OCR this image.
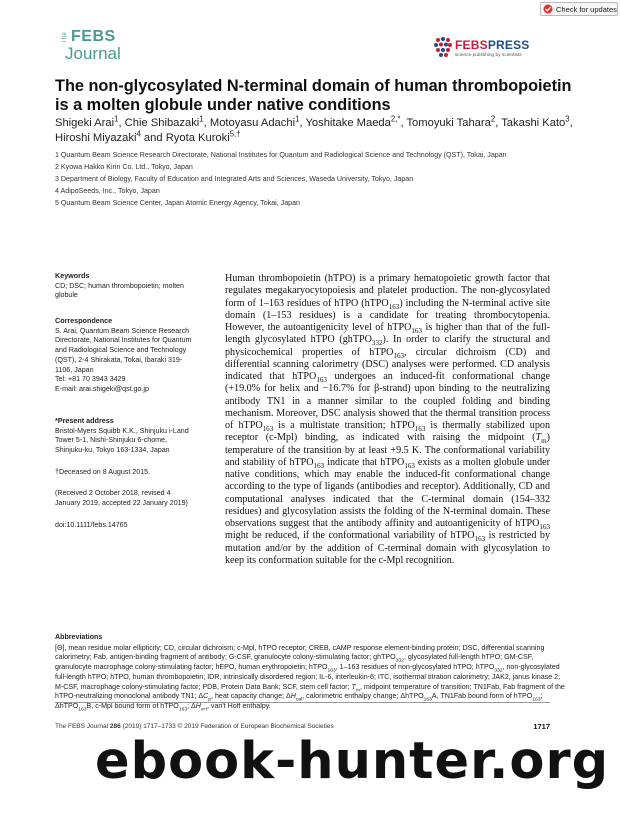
Check for updates
The FEBS
Journal	FEBSPRESS
science publishing by scientists
The non-glycosylated N-terminal domain of human thrombopoietin is a molten globule under native conditions
Shigeki Arai$^1$, Chie Shibazaki$^1$, Motoyasu Adachi$^1$, Yoshitake Maeda$^{2,*}$, Tomoyuki Tahara$^2$, Takashi Kato$^3$, Hiroshi Miyazaki$^4$ and Ryota Kuroki$^{5,\dagger}$
1 Quantum Beam Science Research Directorate, National Institutes for Quantum and Radiological Science and Technology (QST), Tokai, Japan
2 Kyowa Hakko Kirin Co. Ltd., Tokyo, Japan
3 Department of Biology, Faculty of Education and Integrated Arts and Sciences, Waseda University, Tokyo, Japan
4 AdipoSeeds, Inc., Tokyo, Japan
5 Quantum Beam Science Center, Japan Atomic Energy Agency, Tokai, Japan
Keywords
CD; DSC; human thrombopoietin; molten globule
Correspondence
S. Arai, Quantum Beam Science Research
Directorate, National Institutes for Quantum
and Radiological Science and Technology
(QST), 2-4 Shirakata, Tokai, Ibaraki 319-
1106, Japan
Tel: +81 70 3943 3429
E-mail: arai.shigeki@qst.go.jp
*Present address
Bristol-Myers Squibb K.K., Shinjuku i-Land
Tower 5-1, Nishi-Shinjuku 6-chome,
Shinjuku-ku, Tokyo 163-1334, Japan
†Deceased on 8 August 2015.
(Received 2 October 2018, revised 4
January 2019, accepted 22 January 2019)
doi:10.1111/febs.14765
Human thrombopoietin (hTPO) is a primary hematopoietic growth factor that regulates megakaryocytopoiesis and platelet production. The non-glycosylated form of 1–163 residues of hTPO (hTPO$_{163}$) including the N-terminal active site domain (1–153 residues) is a candidate for treating thrombocytopenia. However, the autoantigenicity level of hTPO$_{163}$ is higher than that of the full-length glycosylated hTPO (ghTPO$_{332}$). In order to clarify the structural and physicochemical properties of hTPO$_{163}$, circular dichroism (CD) and differential scanning calorimetry (DSC) analyses were performed. CD analysis indicated that hTPO$_{163}$ undergoes an induced-fit conformational change (+19.0% for helix and −16.7% for β-strand) upon binding to the neutralizing antibody TN1 in a manner similar to the coupled folding and binding mechanism. Moreover, DSC analysis showed that the thermal transition process of hTPO$_{163}$ is a multistate transition; hTPO$_{163}$ is thermally stabilized upon receptor (c-Mpl) binding, as indicated with raising the midpoint $(T_m)$ temperature of the transition by at least +9.5 K. The conformational variability and stability of hTPO$_{163}$ indicate that hTPO$_{163}$ exists as a molten globule under native conditions, which may enable the induced-fit conformational change according to the type of ligands (antibodies and receptor). Additionally, CD and computational analyses indicated that the C-terminal domain (154–332 residues) and glycosylation assists the folding of the N-terminal domain. These observations suggest that the antibody affinity and autoantigenicity of hTPO$_{163}$ might be reduced, if the conformational variability of hTPO$_{163}$ is restricted by mutation and/or by the addition of C-terminal domain with glycosylation to keep its conformation suitable for the c-Mpl recognition.
Abbreviations
[Θ], mean residue molar ellipticity; CD, circular dichroism; c-Mpl, hTPO receptor; CREB, cAMP response element-binding protein; DSC, differential scanning calorimetry; Fab, antigen-binding fragment of antibody; G-CSF, granulocyte colony-stimulating factor; ghTPO$_{332}$, glycosylated full-length hTPO; GM-CSF, granulocyte macrophage colony-stimulating factor; hEPO, human erythropoietin; hTPO$_{163}$, 1–163 residues of non-glycosylated hTPO; hTPO$_{332}$, non-glycosylated full-length hTPO; hTPO, human thrombopoietin; IDR, intrinsically disordered region; IL-6, interleukin-6; ITC, isothermal titration calorimetry; JAK2, janus kinase 2; M-CSF, macrophage colony-stimulating factor; PDB, Protein Data Bank; SCF, stem cell factor; $T_m$, midpoint temperature of transition; TN1Fab, Fab fragment of the hTPO-neutralizing monoclonal antibody TN1; $\Delta C_p$, heat capacity change; $\Delta H_{cal}$, calorimetric enthalpy change; ΔhTPO$_{163}$A, TN1Fab bound form of hTPO$_{163}$; ΔhTPO$_{163}$B, c-Mpl bound form of hTPO$_{163}$; $\Delta H_{vH}$, van't Hoff enthalpy.
The FEBS Journal 286 (2019) 1717–1733 © 2019 Federation of European Biochemical Societies	1717
ebook-hunter.org
